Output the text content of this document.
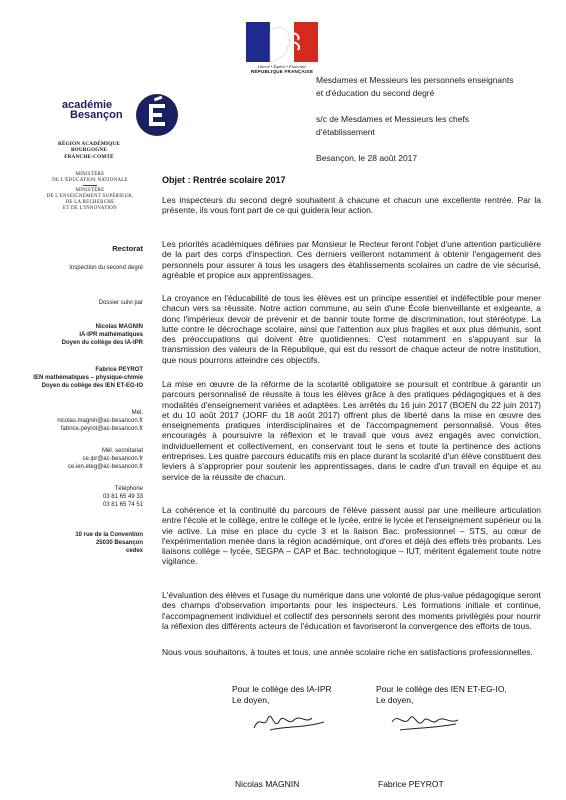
Liberté • Égalité • Fraternité
RÉPUBLIQUE FRANÇAISE
académie
Besançon
RÉGION ACADÉMIQUE
BOURGOGNE
FRANCHE-COMTÉ
MINISTÈRE
DE L'ÉDUCATION NATIONALE
MINISTÈRE
DE L'ENSEIGNEMENT SUPÉRIEUR,
DE LA RECHERCHE
ET DE L'INNOVATION
Mesdames et Messieurs les personnels enseignants
et d'éducation du second degré
s/c de Mesdames et Messieurs les chefs
d'établissement
Besançon, le 28 août 2017
Objet : Rentrée scolaire 2017
Rectorat
Inspection du second degré
Dossier suivi par
Nicolas MAGNIN
IA-IPR mathématiques
Doyen du collège des IA-IPR
Fabrice PEYROT
IEN mathématiques – physique-chimie
Doyen du collège des IEN ET-EG-IO
Mél.
nicolas.magnin@ac-besancon.fr
fabrice.peyrot@ac-besancon.fr
Mél. secrétariat
ce.ipr@ac-besancon.fr
ce.ien.eteg@ac-besancon.fr
Téléphone
03 81 65 49 33
03 81 65 74 51
10 rue de la Convention
25030 Besançon
cedex
Les inspecteurs du second degré souhaitent à chacune et chacun une excellente rentrée. Par la présente, ils vous font part de ce qui guidera leur action.
Les priorités académiques définies par Monsieur le Recteur feront l'objet d'une attention particulière de la part des corps d'inspection. Ces derniers veilleront notamment à obtenir l'engagement des personnels pour assurer à tous les usagers des établissements scolaires un cadre de vie sécurisé, agréable et propice aux apprentissages.
La croyance en l'éducabilité de tous les élèves est un principe essentiel et indéfectible pour mener chacun vers sa réussite. Notre action commune, au sein d'une École bienveillante et exigeante, a donc l'impérieux devoir de prévenir et de bannir toute forme de discrimination, tout stéréotype. La lutte contre le décrochage scolaire, ainsi que l'attention aux plus fragiles et aux plus démunis, sont des préoccupations qui doivent être quotidiennes. C'est notamment en s'appuyant sur la transmission des valeurs de la République, qui est du ressort de chaque acteur de notre institution, que nous pourrons atteindre ces objectifs.
La mise en œuvre de la réforme de la scolarité obligatoire se poursuit et contribue à garantir un parcours personnalisé de réussite à tous les élèves grâce à des pratiques pédagogiques et à des modalités d'enseignement variées et adaptées. Les arrêtés du 16 juin 2017 (BOEN du 22 juin 2017) et du 10 août 2017 (JORF du 18 août 2017) offrent plus de liberté dans la mise en œuvre des enseignements pratiques interdisciplinaires et de l'accompagnement personnalisé. Vous êtes encouragés à poursuivre la réflexion et le travail que vous avez engagés avec conviction, individuellement et collectivement, en conservant tout le sens et toute la pertinence des actions entreprises. Les quatre parcours éducatifs mis en place durant la scolarité d'un élève constituent des leviers à s'approprier pour soutenir les apprentissages, dans le cadre d'un travail en équipe et au service de la réussite de chacun.
La cohérence et la continuité du parcours de l'élève passent aussi par une meilleure articulation entre l'école et le collège, entre le collège et le lycée, entre le lycée et l'enseignement supérieur ou la vie active. La mise en place du cycle 3 et la liaison Bac. professionnel – STS, au cœur de l'expérimentation menée dans la région académique, ont d'ores et déjà des effets très probants. Les liaisons collège – lycée, SEGPA – CAP et Bac. technologique – IUT, méritent également toute notre vigilance.
L'évaluation des élèves et l'usage du numérique dans une volonté de plus-value pédagogique seront des champs d'observation importants pour les inspecteurs. Les formations initiale et continue, l'accompagnement individuel et collectif des personnels seront des moments privilégiés pour nourrir la réflexion des différents acteurs de l'éducation et favoriseront la convergence des efforts de tous.
Nous vous souhaitons, à toutes et tous, une année scolaire riche en satisfactions professionnelles.
Pour le collège des IA-IPR
Le doyen,
Nicolas MAGNIN
Pour le collège des IEN ET-EG-IO,
Le doyen,
Fabrice PEYROT
